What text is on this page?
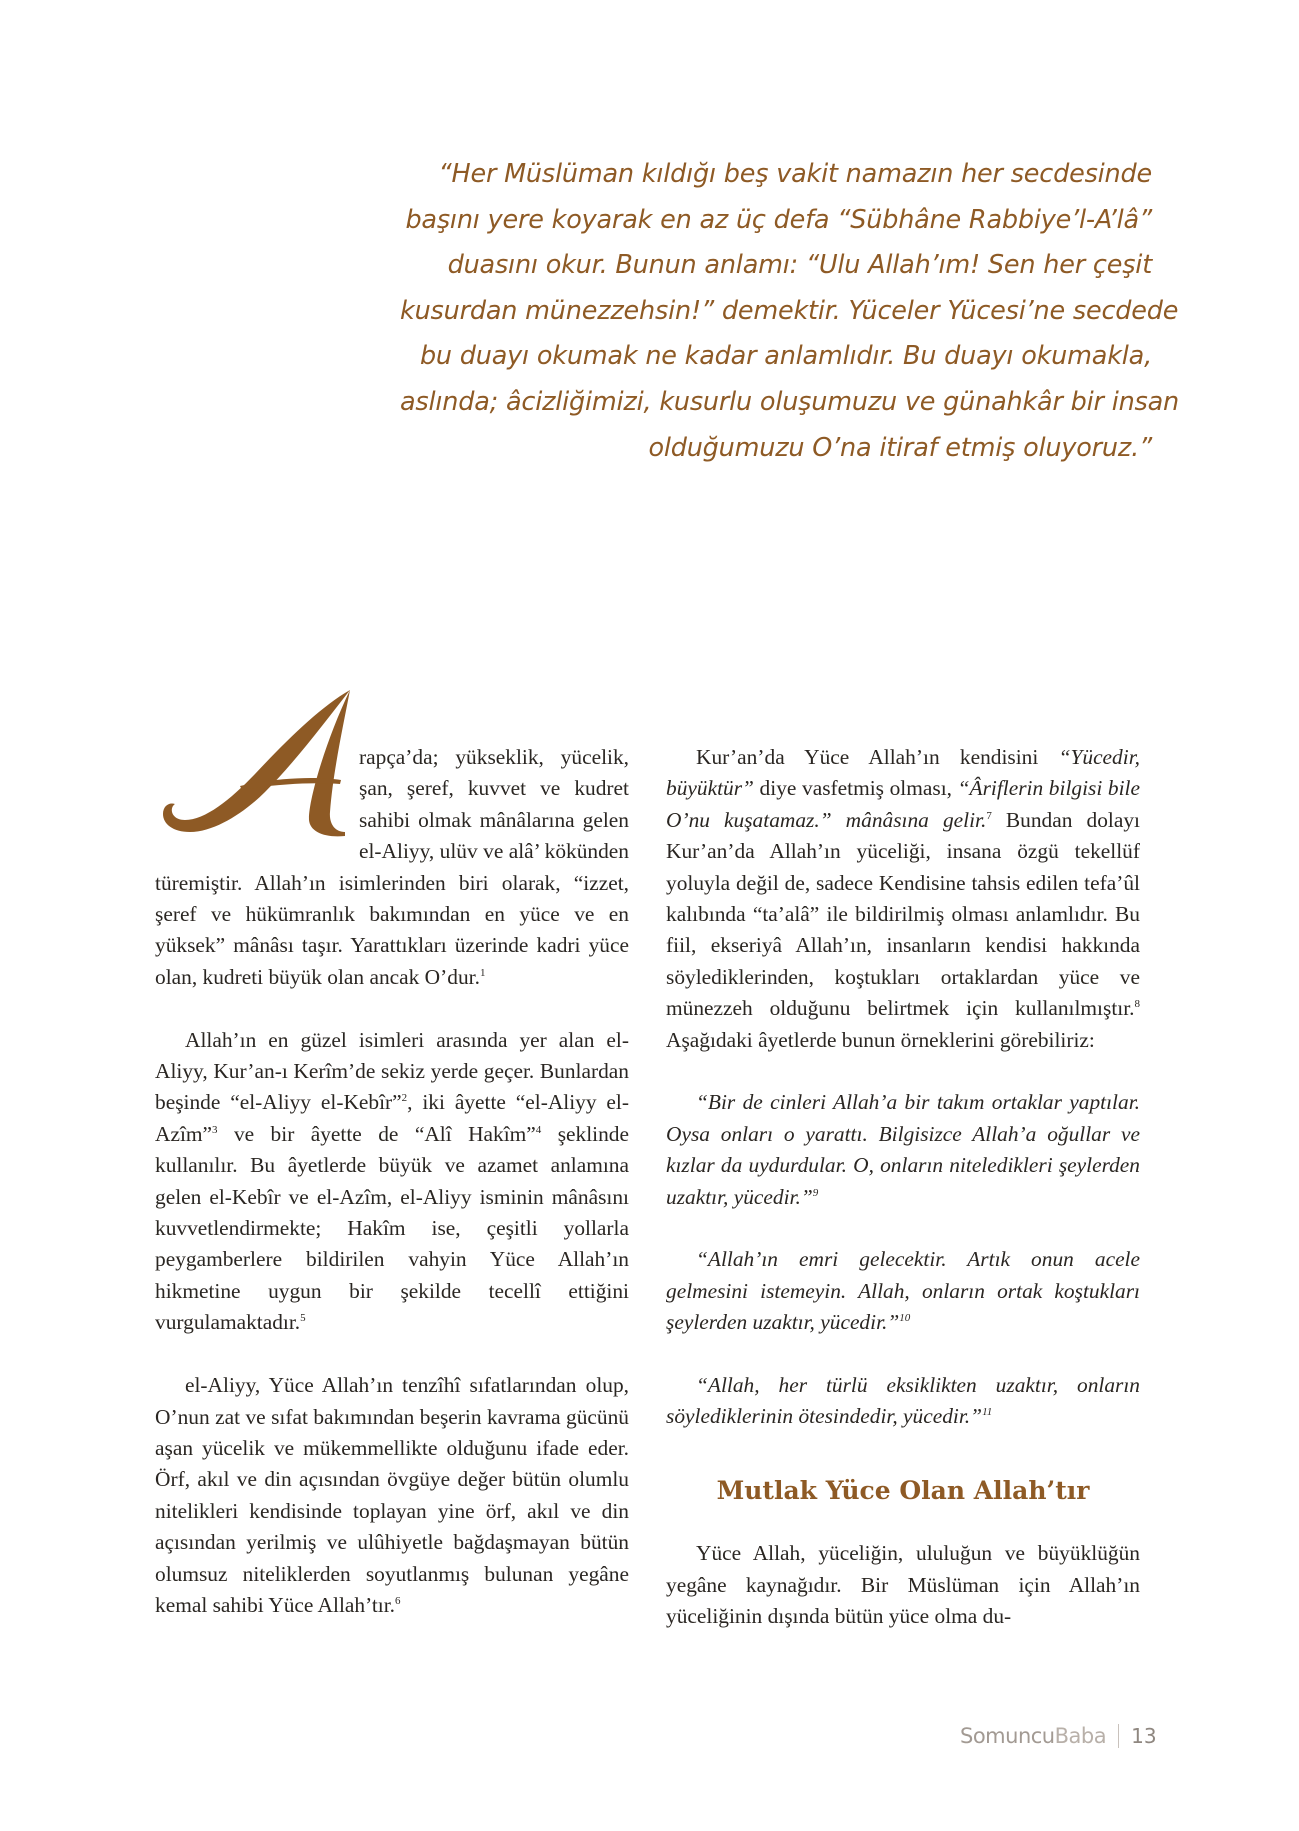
“Her Müslüman kıldığı beş vakit namazın her secdesinde

başını yere koyarak en az üç defa “Sübhâne Rabbiye’l-A’lâ”

duasını okur. Bunun anlamı: “Ulu Allah’ım! Sen her çeşit

kusurdan münezzehsin!” demektir. Yüceler Yücesi’ne secdede

bu duayı okumak ne kadar anlamlıdır. Bu duayı okumakla,

aslında; âcizliğimizi, kusurlu oluşumuzu ve günahkâr bir insan

olduğumuzu O’na itiraf etmiş oluyoruz.”

rapça’da; yükseklik, yücelik, şan, şeref, kuvvet ve kudret sahibi olmak mânâlarına gelen el-Aliyy, ulüv ve alâ’ kökünden türemiştir. Allah’ın isimlerinden biri olarak, “izzet, şeref ve hükümranlık bakımından en yüce ve en yüksek” mânâsı taşır. Yarattıkları üzerinde kadri yüce olan, kudreti büyük olan ancak O’dur.$^1$

Allah’ın en güzel isimleri arasında yer alan el-Aliyy, Kur’an-ı Kerîm’de sekiz yerde geçer. Bunlardan beşinde “el-Aliyy el-Kebîr”$^2$, iki âyette “el-Aliyy el-Azîm”$^3$ ve bir âyette de “Alî Hakîm”$^4$ şeklinde kullanılır. Bu âyetlerde büyük ve azamet anlamına gelen el-Kebîr ve el-Azîm, el-Aliyy isminin mânâsını kuvvetlendirmekte; Hakîm ise, çeşitli yollarla peygamberlere bildirilen vahyin Yüce Allah’ın hikmetine uygun bir şekilde tecellî ettiğini vurgulamaktadır.$^5$

el-Aliyy, Yüce Allah’ın tenzîhî sıfatlarından olup, O’nun zat ve sıfat bakımından beşerin kavrama gücünü aşan yücelik ve mükemmellikte olduğunu ifade eder. Örf, akıl ve din açısından övgüye değer bütün olumlu nitelikleri kendisinde toplayan yine örf, akıl ve din açısından yerilmiş ve ulûhiyetle bağdaşmayan bütün olumsuz niteliklerden soyutlanmış bulunan yegâne kemal sahibi Yüce Allah’tır.$^6$

Kur’an’da Yüce Allah’ın kendisini “Yücedir, büyüktür” diye vasfetmiş olması, “Âriflerin bilgisi bile O’nu kuşatamaz.” mânâsına gelir.$^7$ Bundan dolayı Kur’an’da Allah’ın yüceliği, insana özgü tekellüf yoluyla değil de, sadece Kendisine tahsis edilen tefa’ûl kalıbında “ta’alâ” ile bildirilmiş olması anlamlıdır. Bu fiil, ekseriyâ Allah’ın, insanların kendisi hakkında söylediklerinden, koştukları ortaklardan yüce ve münezzeh olduğunu belirtmek için kullanılmıştır.$^8$ Aşağıdaki âyetlerde bunun örneklerini görebiliriz:

“Bir de cinleri Allah’a bir takım ortaklar yaptılar. Oysa onları o yarattı. Bilgisizce Allah’a oğullar ve kızlar da uydurdular. O, onların niteledikleri şeylerden uzaktır, yücedir.”$^9$

“Allah’ın emri gelecektir. Artık onun acele gelmesini istemeyin. Allah, onların ortak koştukları şeylerden uzaktır, yücedir.”$^{10}$

“Allah, her türlü eksiklikten uzaktır, onların söylediklerinin ötesindedir, yücedir.”$^{11}$

Mutlak Yüce Olan Allah’tır

Yüce Allah, yüceliğin, ululuğun ve büyüklüğün yegâne kaynağıdır. Bir Müslüman için Allah’ın yüceliğinin dışında bütün yüce olma du-

Somuncu Baba 13
